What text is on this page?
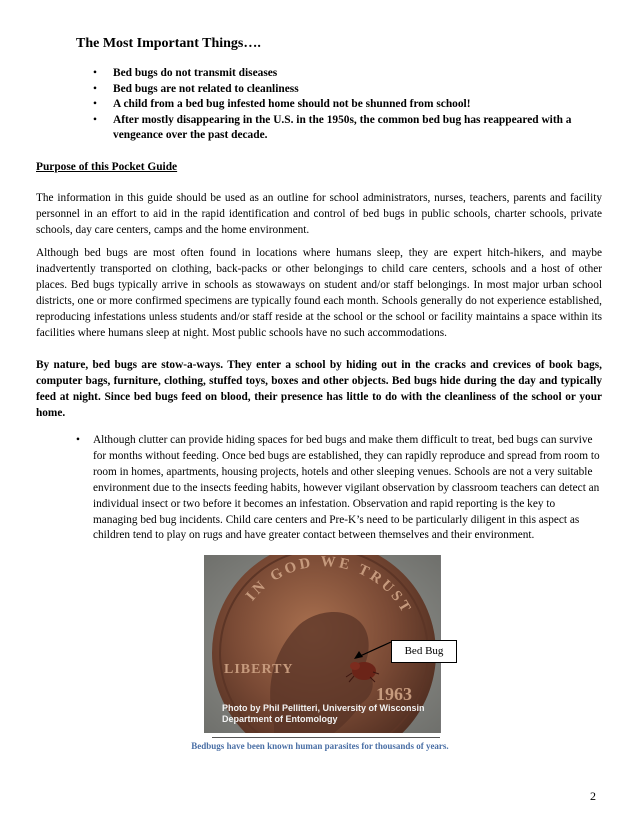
The Most Important Things….
• Bed bugs do not transmit diseases
• Bed bugs are not related to cleanliness
• A child from a bed bug infested home should not be shunned from school!
• After mostly disappearing in the U.S. in the 1950s, the common bed bug has reappeared with a vengeance over the past decade.
Purpose of this Pocket Guide

The information in this guide should be used as an outline for school administrators, nurses, teachers, parents and facility personnel in an effort to aid in the rapid identification and control of bed bugs in public schools, charter schools, private schools, day care centers, camps and the home environment.

Although bed bugs are most often found in locations where humans sleep, they are expert hitch-hikers, and maybe inadvertently transported on clothing, back-packs or other belongings to child care centers, schools and a host of other places. Bed bugs typically arrive in schools as stowaways on student and/or staff belongings. In most major urban school districts, one or more confirmed specimens are typically found each month. Schools generally do not experience established, reproducing infestations unless students and/or staff reside at the school or the school or facility maintains a space within its facilities where humans sleep at night. Most public schools have no such accommodations.

By nature, bed bugs are stow-a-ways. They enter a school by hiding out in the cracks and crevices of book bags, computer bags, furniture, clothing, stuffed toys, boxes and other objects. Bed bugs hide during the day and typically feed at night. Since bed bugs feed on blood, their presence has little to do with the cleanliness of the school or your home.

• Although clutter can provide hiding spaces for bed bugs and make them difficult to treat, bed bugs can survive for months without feeding. Once bed bugs are established, they can rapidly reproduce and spread from room to room in homes, apartments, housing projects, hotels and other sleeping venues. Schools are not a very suitable environment due to the insects feeding habits, however vigilant observation by classroom teachers can detect an individual insect or two before it becomes an infestation. Observation and rapid reporting is the key to managing bed bug incidents. Child care centers and Pre-K’s need to be particularly diligent in this aspect as children tend to play on rugs and have greater contact between themselves and their environment.
IN GOD WE TRUST
LIBERTY
1963
Photo by Phil Pellitteri, University of Wisconsin
Department of Entomology
Bed Bug
Bedbugs have been known human parasites for thousands of years.
2
